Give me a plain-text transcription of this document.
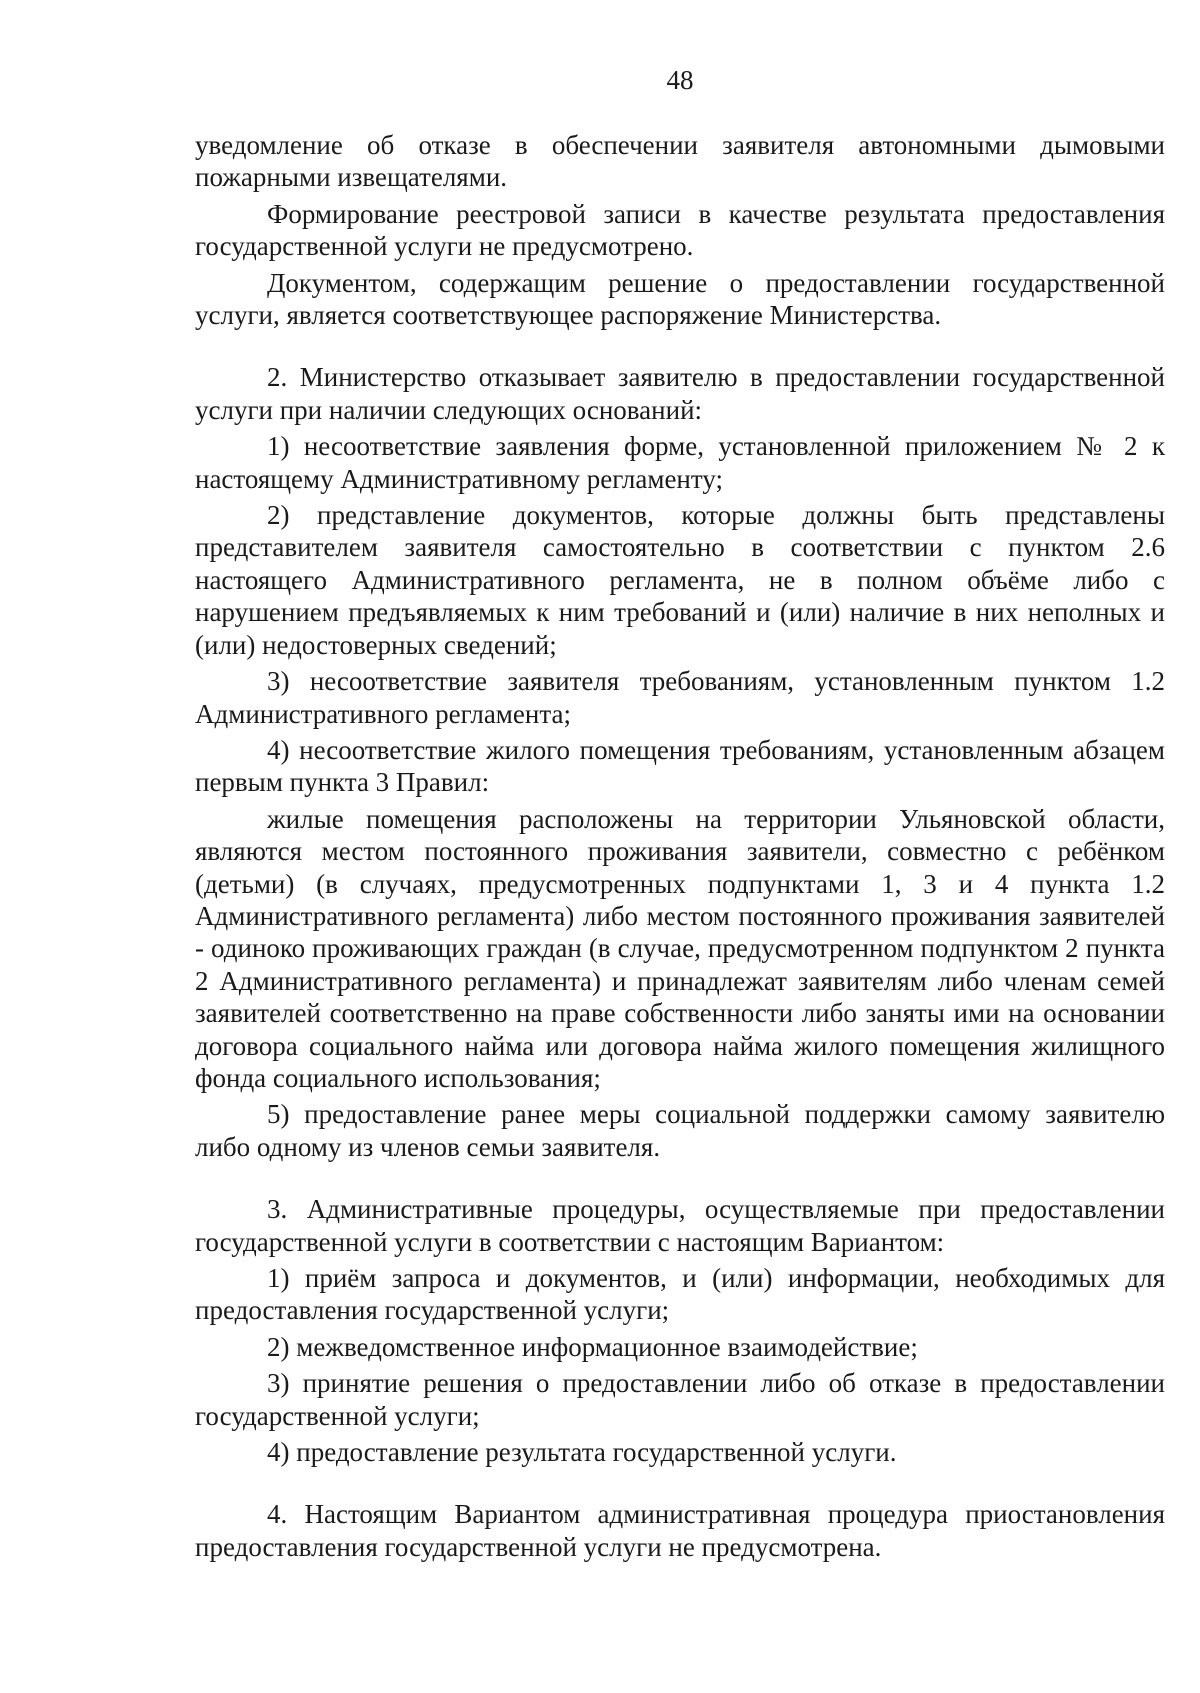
48

уведомление об отказе в обеспечении заявителя автономными дымовыми пожарными извещателями.

Формирование реестровой записи в качестве результата предоставления государственной услуги не предусмотрено.

Документом, содержащим решение о предоставлении государственной услуги, является соответствующее распоряжение Министерства.

2. Министерство отказывает заявителю в предоставлении государственной услуги при наличии следующих оснований:

1) несоответствие заявления форме, установленной приложением № 2 к настоящему Административному регламенту;

2) представление документов, которые должны быть представлены представителем заявителя самостоятельно в соответствии с пунктом 2.6 настоящего Административного регламента, не в полном объёме либо с нарушением предъявляемых к ним требований и (или) наличие в них неполных и (или) недостоверных сведений;

3) несоответствие заявителя требованиям, установленным пунктом 1.2 Административного регламента;

4) несоответствие жилого помещения требованиям, установленным абзацем первым пункта 3 Правил:

жилые помещения расположены на территории Ульяновской области, являются местом постоянного проживания заявители, совместно с ребёнком (детьми) (в случаях, предусмотренных подпунктами 1, 3 и 4 пункта 1.2 Административного регламента) либо местом постоянного проживания заявителей - одиноко проживающих граждан (в случае, предусмотренном подпунктом 2 пункта 2 Административного регламента) и принадлежат заявителям либо членам семей заявителей соответственно на праве собственности либо заняты ими на основании договора социального найма или договора найма жилого помещения жилищного фонда социального использования;

5) предоставление ранее меры социальной поддержки самому заявителю либо одному из членов семьи заявителя.

3. Административные процедуры, осуществляемые при предоставлении государственной услуги в соответствии с настоящим Вариантом:

1) приём запроса и документов, и (или) информации, необходимых для предоставления государственной услуги;

2) межведомственное информационное взаимодействие;

3) принятие решения о предоставлении либо об отказе в предоставлении государственной услуги;

4) предоставление результата государственной услуги.

4. Настоящим Вариантом административная процедура приостановления предоставления государственной услуги не предусмотрена.
